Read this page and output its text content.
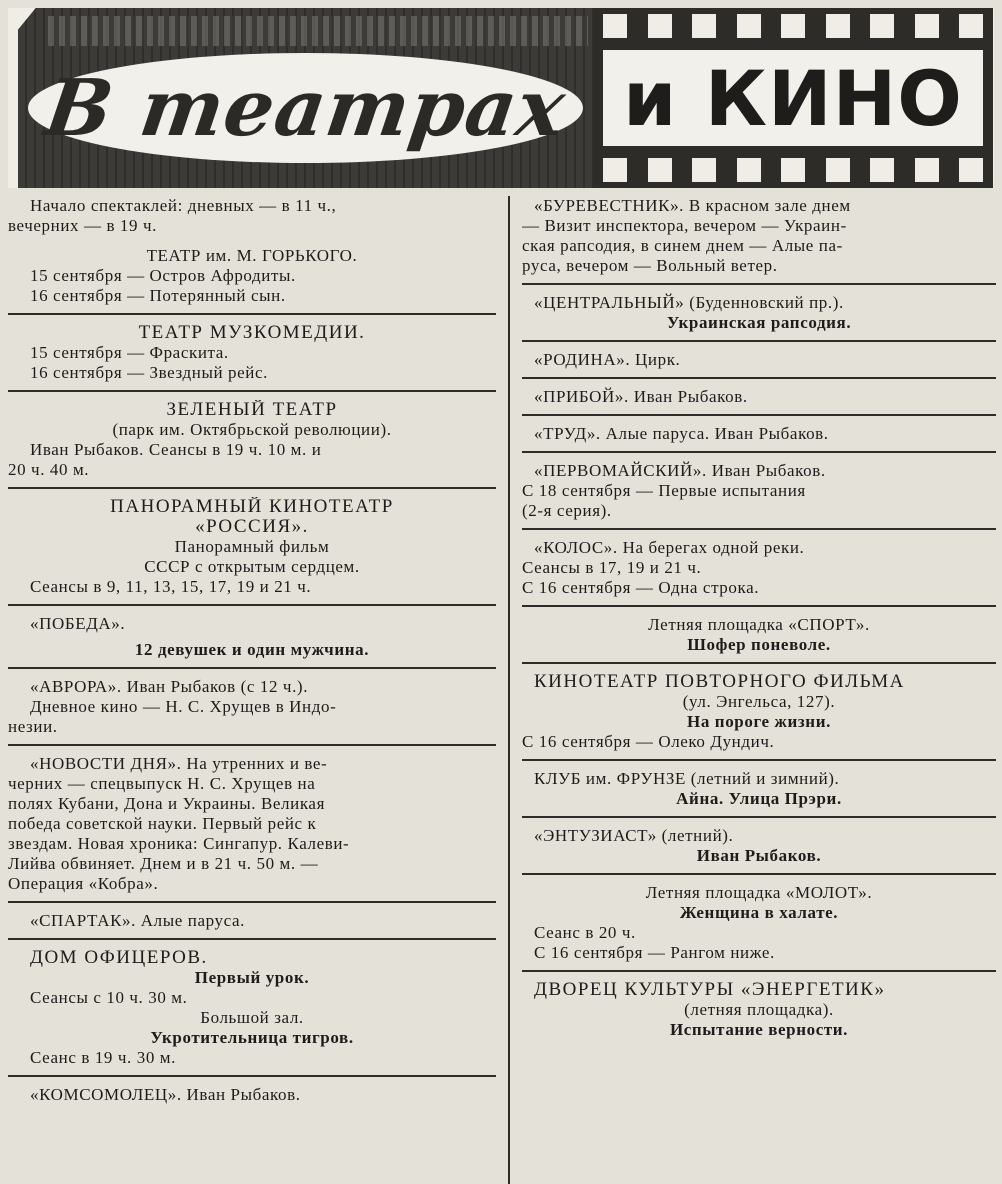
В театрах и КИНО

Начало спектаклей: дневных — в 11 ч.,

вечерних — в 19 ч.

ТЕАТР им. М. ГОРЬКОГО.

15 сентября — Остров Афродиты.

16 сентября — Потерянный сын.

ТЕАТР МУЗКОМЕДИИ.

15 сентября — Фраскита.

16 сентября — Звездный рейс.

ЗЕЛЕНЫЙ ТЕАТР

(парк им. Октябрьской революции).

Иван Рыбаков. Сеансы в 19 ч. 10 м. и

20 ч. 40 м.

ПАНОРАМНЫЙ КИНОТЕАТР

«РОССИЯ».

Панорамный фильм

СССР с открытым сердцем.

Сеансы в 9, 11, 13, 15, 17, 19 и 21 ч.

«ПОБЕДА».

12 девушек и один мужчина.

«АВРОРА». Иван Рыбаков (с 12 ч.).

Дневное кино — Н. С. Хрущев в Индо-

незии.

«НОВОСТИ ДНЯ». На утренних и ве-

черних — спецвыпуск Н. С. Хрущев на

полях Кубани, Дона и Украины. Великая

победа советской науки. Первый рейс к

звездам. Новая хроника: Сингапур. Калеви-

Лийва обвиняет. Днем и в 21 ч. 50 м. —

Операция «Кобра».

«СПАРТАК». Алые паруса.

ДОМ ОФИЦЕРОВ.

Первый урок.

Сеансы с 10 ч. 30 м.

Большой зал.

Укротительница тигров.

Сеанс в 19 ч. 30 м.

«КОМСОМОЛЕЦ». Иван Рыбаков.

«БУРЕВЕСТНИК». В красном зале днем

— Визит инспектора, вечером — Украин-

ская рапсодия, в синем днем — Алые па-

руса, вечером — Вольный ветер.

«ЦЕНТРАЛЬНЫЙ» (Буденновский пр.).

Украинская рапсодия.

«РОДИНА». Цирк.

«ПРИБОЙ». Иван Рыбаков.

«ТРУД». Алые паруса. Иван Рыбаков.

«ПЕРВОМАЙСКИЙ». Иван Рыбаков.

С 18 сентября — Первые испытания

(2-я серия).

«КОЛОС». На берегах одной реки.

Сеансы в 17, 19 и 21 ч.

С 16 сентября — Одна строка.

Летняя площадка «СПОРТ».

Шофер поневоле.

КИНОТЕАТР ПОВТОРНОГО ФИЛЬМА

(ул. Энгельса, 127).

На пороге жизни.

С 16 сентября — Олеко Дундич.

КЛУБ им. ФРУНЗЕ (летний и зимний).

Айна. Улица Прэри.

«ЭНТУЗИАСТ» (летний).

Иван Рыбаков.

Летняя площадка «МОЛОТ».

Женщина в халате.

Сеанс в 20 ч.

С 16 сентября — Рангом ниже.

ДВОРЕЦ КУЛЬТУРЫ «ЭНЕРГЕТИК»

(летняя площадка).

Испытание верности.
